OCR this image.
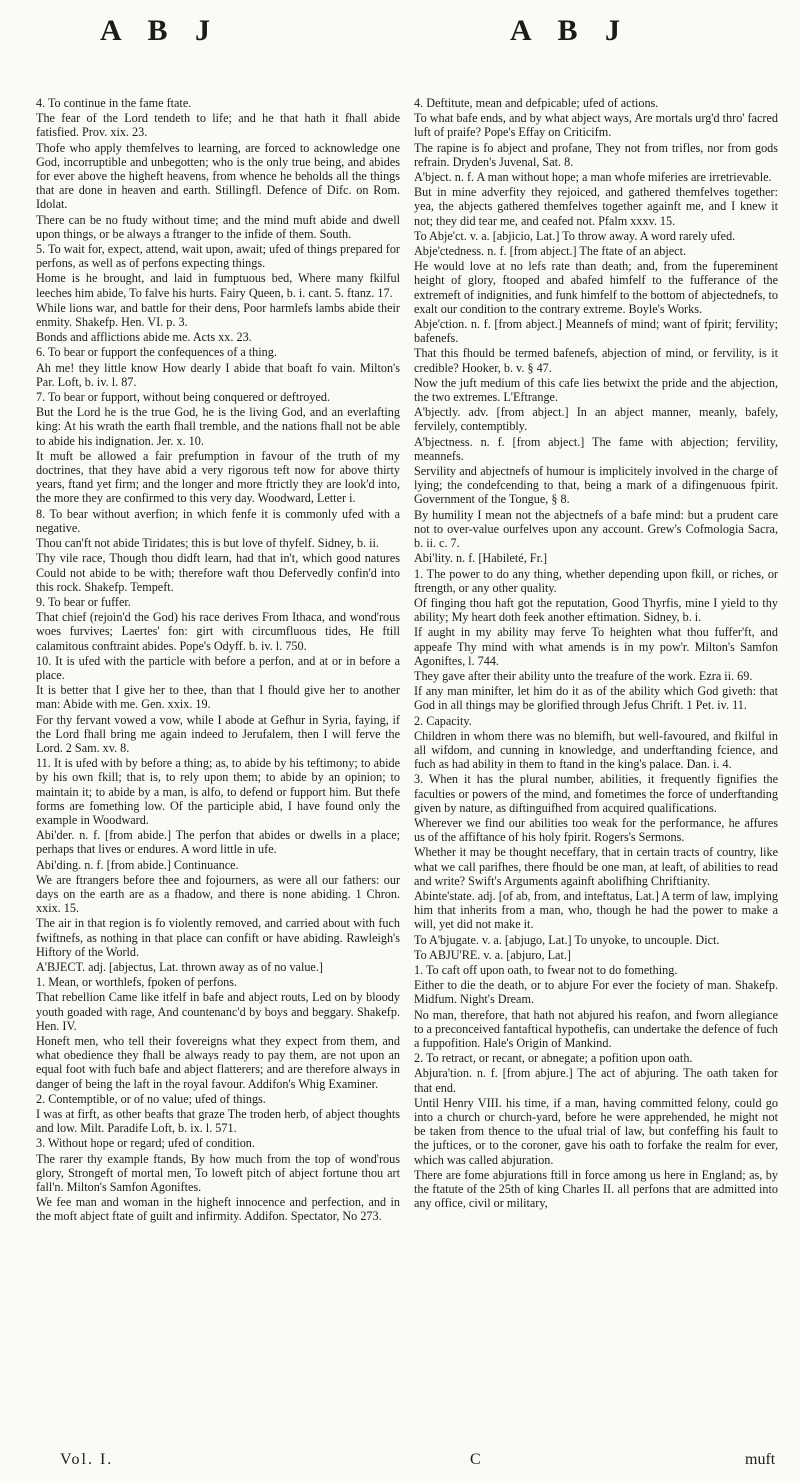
A B J	A B J

4. To continue in the fame ftate.

The fear of the Lord tendeth to life; and he that hath it fhall abide fatisfied. Prov. xix. 23.

Thofe who apply themfelves to learning, are forced to acknowledge one God, incorruptible and unbegotten; who is the only true being, and abides for ever above the higheft heavens, from whence he beholds all the things that are done in heaven and earth. Stillingfl. Defence of Difc. on Rom. Idolat.

There can be no ftudy without time; and the mind muft abide and dwell upon things, or be always a ftranger to the infide of them. South.

5. To wait for, expect, attend, wait upon, await; ufed of things prepared for perfons, as well as of perfons expecting things.

Home is he brought, and laid in fumptuous bed, Where many fkilful leeches him abide, To falve his hurts. Fairy Queen, b. i. cant. 5. ftanz. 17.

While lions war, and battle for their dens, Poor harmlefs lambs abide their enmity. Shakefp. Hen. VI. p. 3.

Bonds and afflictions abide me. Acts xx. 23.

6. To bear or fupport the confequences of a thing.

Ah me! they little know How dearly I abide that boaft fo vain. Milton's Par. Loft, b. iv. l. 87.

7. To bear or fupport, without being conquered or deftroyed.

But the Lord he is the true God, he is the living God, and an everlafting king: At his wrath the earth fhall tremble, and the nations fhall not be able to abide his indignation. Jer. x. 10.

It muft be allowed a fair prefumption in favour of the truth of my doctrines, that they have abid a very rigorous teft now for above thirty years, ftand yet firm; and the longer and more ftrictly they are look'd into, the more they are confirmed to this very day. Woodward, Letter i.

8. To bear without averfion; in which fenfe it is commonly ufed with a negative.

Thou can'ft not abide Tiridates; this is but love of thyfelf. Sidney, b. ii.

Thy vile race, Though thou didft learn, had that in't, which good natures Could not abide to be with; therefore waft thou Defervedly confin'd into this rock. Shakefp. Tempeft.

9. To bear or fuffer.

That chief (rejoin'd the God) his race derives From Ithaca, and wond'rous woes furvives; Laertes' fon: girt with circumfluous tides, He ftill calamitous conftraint abides. Pope's Odyff. b. iv. l. 750.

10. It is ufed with the particle with before a perfon, and at or in before a place.

It is better that I give her to thee, than that I fhould give her to another man: Abide with me. Gen. xxix. 19.

For thy fervant vowed a vow, while I abode at Gefhur in Syria, faying, if the Lord fhall bring me again indeed to Jerufalem, then I will ferve the Lord. 2 Sam. xv. 8.

11. It is ufed with by before a thing; as, to abide by his teftimony; to abide by his own fkill; that is, to rely upon them; to abide by an opinion; to maintain it; to abide by a man, is alfo, to defend or fupport him. But thefe forms are fomething low. Of the participle abid, I have found only the example in Woodward.

Abi'der. n. f. [from abide.] The perfon that abides or dwells in a place; perhaps that lives or endures. A word little in ufe.

Abi'ding. n. f. [from abide.] Continuance.

We are ftrangers before thee and fojourners, as were all our fathers: our days on the earth are as a fhadow, and there is none abiding. 1 Chron. xxix. 15.

The air in that region is fo violently removed, and carried about with fuch fwiftnefs, as nothing in that place can confift or have abiding. Rawleigh's Hiftory of the World.

A'BJECT. adj. [abjectus, Lat. thrown away as of no value.]

1. Mean, or worthlefs, fpoken of perfons.

That rebellion Came like itfelf in bafe and abject routs, Led on by bloody youth goaded with rage, And countenanc'd by boys and beggary. Shakefp. Hen. IV.

Honeft men, who tell their fovereigns what they expect from them, and what obedience they fhall be always ready to pay them, are not upon an equal foot with fuch bafe and abject flatterers; and are therefore always in danger of being the laft in the royal favour. Addifon's Whig Examiner.

2. Contemptible, or of no value; ufed of things.

I was at firft, as other beafts that graze The troden herb, of abject thoughts and low. Milt. Paradife Loft, b. ix. l. 571.

3. Without hope or regard; ufed of condition.

The rarer thy example ftands, By how much from the top of wond'rous glory, Strongeft of mortal men, To loweft pitch of abject fortune thou art fall'n. Milton's Samfon Agoniftes.

We fee man and woman in the higheft innocence and perfection, and in the moft abject ftate of guilt and infirmity. Addifon. Spectator, No 273.

4. Deftitute, mean and defpicable; ufed of actions.

To what bafe ends, and by what abject ways, Are mortals urg'd thro' facred luft of praife? Pope's Effay on Criticifm.

The rapine is fo abject and profane, They not from trifles, nor from gods refrain. Dryden's Juvenal, Sat. 8.

A'bject. n. f. A man without hope; a man whofe miferies are irretrievable.

But in mine adverfity they rejoiced, and gathered themfelves together: yea, the abjects gathered themfelves together againft me, and I knew it not; they did tear me, and ceafed not. Pfalm xxxv. 15.

To Abje'ct. v. a. [abjicio, Lat.] To throw away. A word rarely ufed.

Abje'ctedness. n. f. [from abject.] The ftate of an abject.

He would love at no lefs rate than death; and, from the fupereminent height of glory, ftooped and abafed himfelf to the fufferance of the extremeft of indignities, and funk himfelf to the bottom of abjectednefs, to exalt our condition to the contrary extreme. Boyle's Works.

Abje'ction. n. f. [from abject.] Meannefs of mind; want of fpirit; fervility; bafenefs.

That this fhould be termed bafenefs, abjection of mind, or fervility, is it credible? Hooker, b. v. § 47.

Now the juft medium of this cafe lies betwixt the pride and the abjection, the two extremes. L'Eftrange.

A'bjectly. adv. [from abject.] In an abject manner, meanly, bafely, fervilely, contemptibly.

A'bjectness. n. f. [from abject.] The fame with abjection; fervility, meannefs.

Servility and abjectnefs of humour is implicitely involved in the charge of lying; the condefcending to that, being a mark of a difingenuous fpirit. Government of the Tongue, § 8.

By humility I mean not the abjectnefs of a bafe mind: but a prudent care not to over-value ourfelves upon any account. Grew's Cofmologia Sacra, b. ii. c. 7.

Abi'lity. n. f. [Habileté, Fr.]

1. The power to do any thing, whether depending upon fkill, or riches, or ftrength, or any other quality.

Of finging thou haft got the reputation, Good Thyrfis, mine I yield to thy ability; My heart doth feek another eftimation. Sidney, b. i.

If aught in my ability may ferve To heighten what thou fuffer'ft, and appeafe Thy mind with what amends is in my pow'r. Milton's Samfon Agoniftes, l. 744.

They gave after their ability unto the treafure of the work. Ezra ii. 69.

If any man minifter, let him do it as of the ability which God giveth: that God in all things may be glorified through Jefus Chrift. 1 Pet. iv. 11.

2. Capacity.

Children in whom there was no blemifh, but well-favoured, and fkilful in all wifdom, and cunning in knowledge, and underftanding fcience, and fuch as had ability in them to ftand in the king's palace. Dan. i. 4.

3. When it has the plural number, abilities, it frequently fignifies the faculties or powers of the mind, and fometimes the force of underftanding given by nature, as diftinguifhed from acquired qualifications.

Wherever we find our abilities too weak for the performance, he affures us of the affiftance of his holy fpirit. Rogers's Sermons.

Whether it may be thought neceffary, that in certain tracts of country, like what we call parifhes, there fhould be one man, at leaft, of abilities to read and write? Swift's Arguments againft abolifhing Chriftianity.

Abinte'state. adj. [of ab, from, and inteftatus, Lat.] A term of law, implying him that inherits from a man, who, though he had the power to make a will, yet did not make it.

To A'bjugate. v. a. [abjugo, Lat.] To unyoke, to uncouple. Dict.

To ABJU'RE. v. a. [abjuro, Lat.]

1. To caft off upon oath, to fwear not to do fomething.

Either to die the death, or to abjure For ever the fociety of man. Shakefp. Midfum. Night's Dream.

No man, therefore, that hath not abjured his reafon, and fworn allegiance to a preconceived fantaftical hypothefis, can undertake the defence of fuch a fuppofition. Hale's Origin of Mankind.

2. To retract, or recant, or abnegate; a pofition upon oath.

Abjura'tion. n. f. [from abjure.] The act of abjuring. The oath taken for that end.

Until Henry VIII. his time, if a man, having committed felony, could go into a church or church-yard, before he were apprehended, he might not be taken from thence to the ufual trial of law, but confeffing his fault to the juftices, or to the coroner, gave his oath to forfake the realm for ever, which was called abjuration.

There are fome abjurations ftill in force among us here in England; as, by the ftatute of the 25th of king Charles II. all perfons that are admitted into any office, civil or military,

Vol. I.	C	muft
